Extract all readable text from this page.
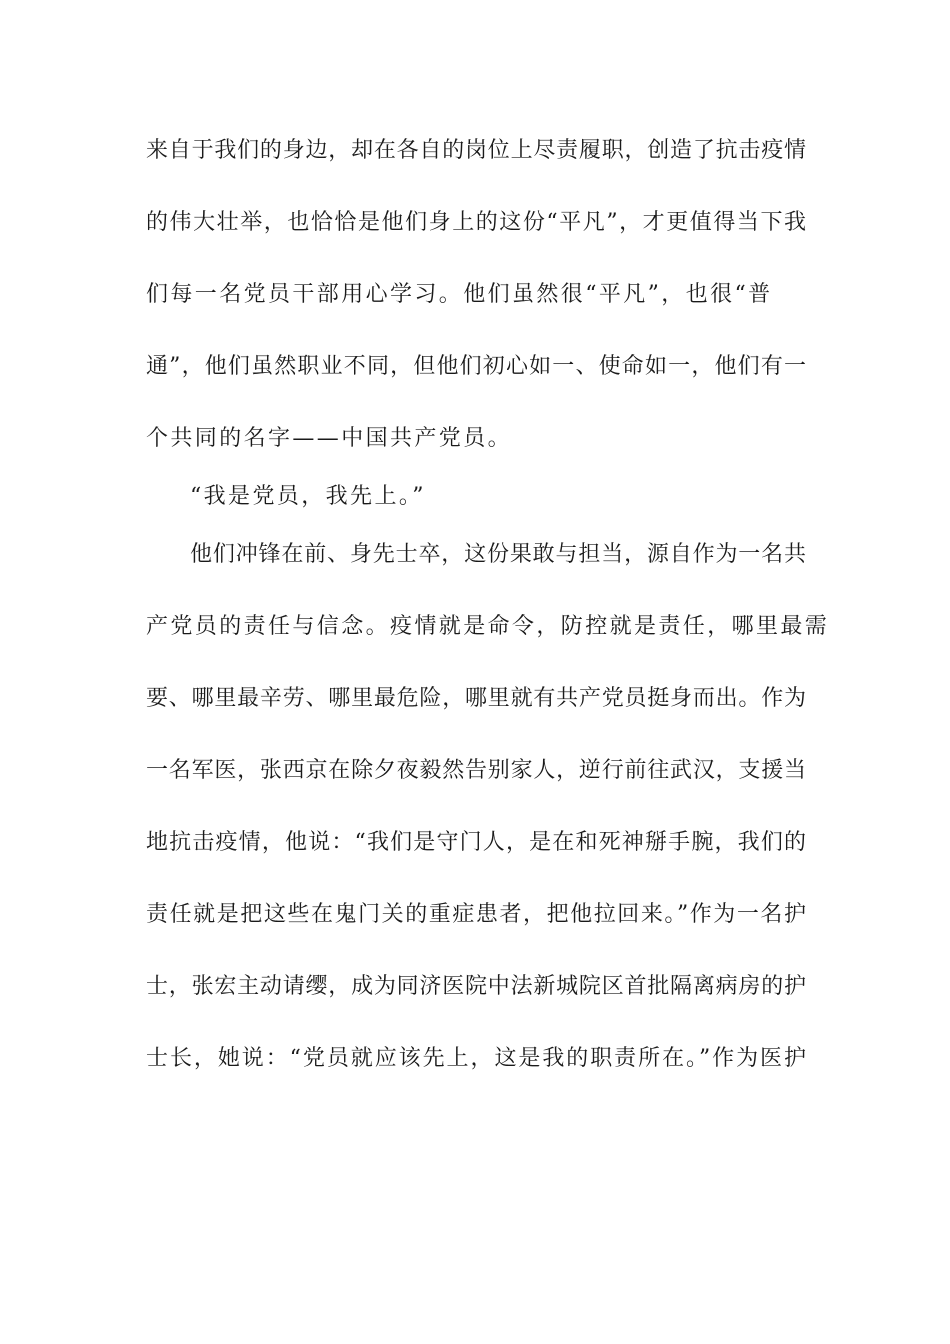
来自于我们的身边，却在各自的岗位上尽责履职，创造了抗击疫情
的伟大壮举，也恰恰是他们身上的这份“平凡”，才更值得当下我
们每一名党员干部用心学习。他们虽然很“平凡”，也很“普
通”，他们虽然职业不同，但他们初心如一、使命如一，他们有一
个共同的名字——中国共产党员。
“我是党员，我先上。”
他们冲锋在前、身先士卒，这份果敢与担当，源自作为一名共
产党员的责任与信念。疫情就是命令，防控就是责任，哪里最需
要、哪里最辛劳、哪里最危险，哪里就有共产党员挺身而出。作为
一名军医，张西京在除夕夜毅然告别家人，逆行前往武汉，支援当
地抗击疫情，他说：“我们是守门人，是在和死神掰手腕，我们的
责任就是把这些在鬼门关的重症患者，把他拉回来。”作为一名护
士，张宏主动请缨，成为同济医院中法新城院区首批隔离病房的护
士长，她说：“党员就应该先上，这是我的职责所在。”作为医护
